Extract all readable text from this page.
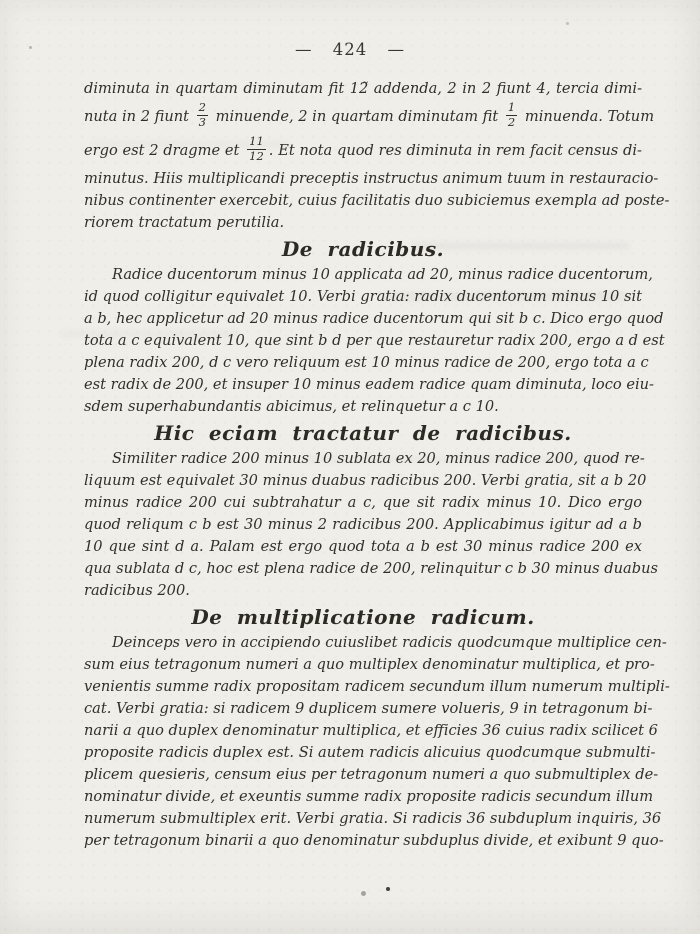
— 424 —
diminuta in quartam diminutam fit 12̃ addenda, 2 in 2 fiunt 4, tercia dimi-
nuta in 2 fiunt $\frac{2}{3}$ minuende, 2 in quartam diminutam fit $\frac{1}{2}$ minuenda. Totum
ergo est 2 dragme et $\frac{11}{12}$ . Et nota quod res diminuta in rem facit census di-
minutus. Hiis multiplicandi preceptis instructus animum tuum in restauracio-
nibus continenter exercebit, cuius facilitatis duo subiciemus exempla ad poste-
riorem tractatum perutilia.
De radicibus.
Radice ducentorum minus 10 applicata ad 20, minus radice ducentorum,
id quod colligitur equivalet 10. Verbi gratia: radix ducentorum minus 10 sit
a b, hec applicetur ad 20 minus radice ducentorum qui sit b c. Dico ergo quod
tota a c equivalent 10, que sint b d per que restauretur radix 200, ergo a d est
plena radix 200, d c vero reliquum est 10 minus radice de 200, ergo tota a c
est radix de 200, et insuper 10 minus eadem radice quam diminuta, loco eiu-
sdem superhabundantis abicimus, et relinquetur a c 10.
Hic eciam tractatur de radicibus.
Similiter radice 200 minus 10 sublata ex 20, minus radice 200, quod re-
liquum est equivalet 30 minus duabus radicibus 200. Verbi gratia, sit a b 20
minus radice 200 cui subtrahatur a c, que sit radix minus 10. Dico ergo
quod reliqum c b est 30 minus 2 radicibus 200. Applicabimus igitur ad a b
10 que sint d a. Palam est ergo quod tota a b est 30 minus radice 200 ex
qua sublata d c, hoc est plena radice de 200, relinquitur c b 30 minus duabus
radicibus 200.
De multiplicatione radicum.
Deinceps vero in accipiendo cuiuslibet radicis quodcumque multiplice cen-
sum eius tetragonum numeri a quo multiplex denominatur multiplica, et pro-
venientis summe radix propositam radicem secundum illum numerum multipli-
cat. Verbi gratia: si radicem 9 duplicem sumere volueris, 9 in tetragonum bi-
narii a quo duplex denominatur multiplica, et efficies 36 cuius radix scilicet 6
proposite radicis duplex est. Si autem radicis alicuius quodcumque submulti-
plicem quesieris, censum eius per tetragonum numeri a quo submultiplex de-
nominatur divide, et exeuntis summe radix proposite radicis secundum illum
numerum submultiplex erit. Verbi gratia. Si radicis 36 subduplum inquiris, 36
per tetragonum binarii a quo denominatur subduplus divide, et exibunt 9 quo-
